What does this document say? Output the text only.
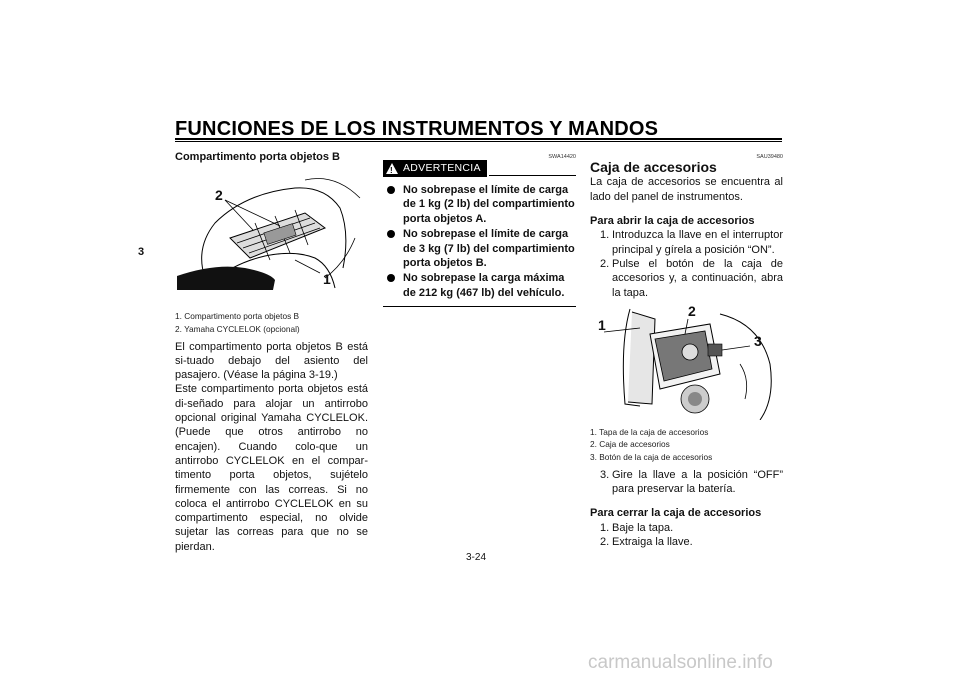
FUNCIONES DE LOS INSTRUMENTOS Y MANDOS
3
Compartimento porta objetos B
2
1
1. Compartimento porta objetos B
2. Yamaha CYCLELOK (opcional)

El compartimento porta objetos B está si-tuado debajo del asiento del pasajero. (Véase la página 3-19.)

Este compartimento porta objetos está di-señado para alojar un antirrobo opcional original Yamaha CYCLELOK. (Puede que otros antirrobo no encajen). Cuando colo-que un antirrobo CYCLELOK en el compar-timento porta objetos, sujételo firmemente con las correas. Si no coloca el antirrobo CYCLELOK en su compartimento especial, no olvide sujetar las correas para que no se pierdan.

SWA14420
! ADVERTENCIA
No sobrepase el límite de carga de 1 kg (2 lb) del compartimiento porta objetos A.
No sobrepase el límite de carga de 3 kg (7 lb) del compartimiento porta objetos B.
No sobrepase la carga máxima de 212 kg (467 lb) del vehículo.
SAU39480
Caja de accesorios

La caja de accesorios se encuentra al lado del panel de instrumentos.

Para abrir la caja de accesorios
1. Introduzca la llave en el interruptor principal y gírela a posición “ON”.
2. Pulse el botón de la caja de accesorios y, a continuación, abra la tapa.
1
2
3
1. Tapa de la caja de accesorios
2. Caja de accesorios
3. Botón de la caja de accesorios
3. Gire la llave a la posición “OFF” para preservar la batería.
Para cerrar la caja de accesorios
1. Baje la tapa.
2. Extraiga la llave.
3-24
carmanualsonline.info
